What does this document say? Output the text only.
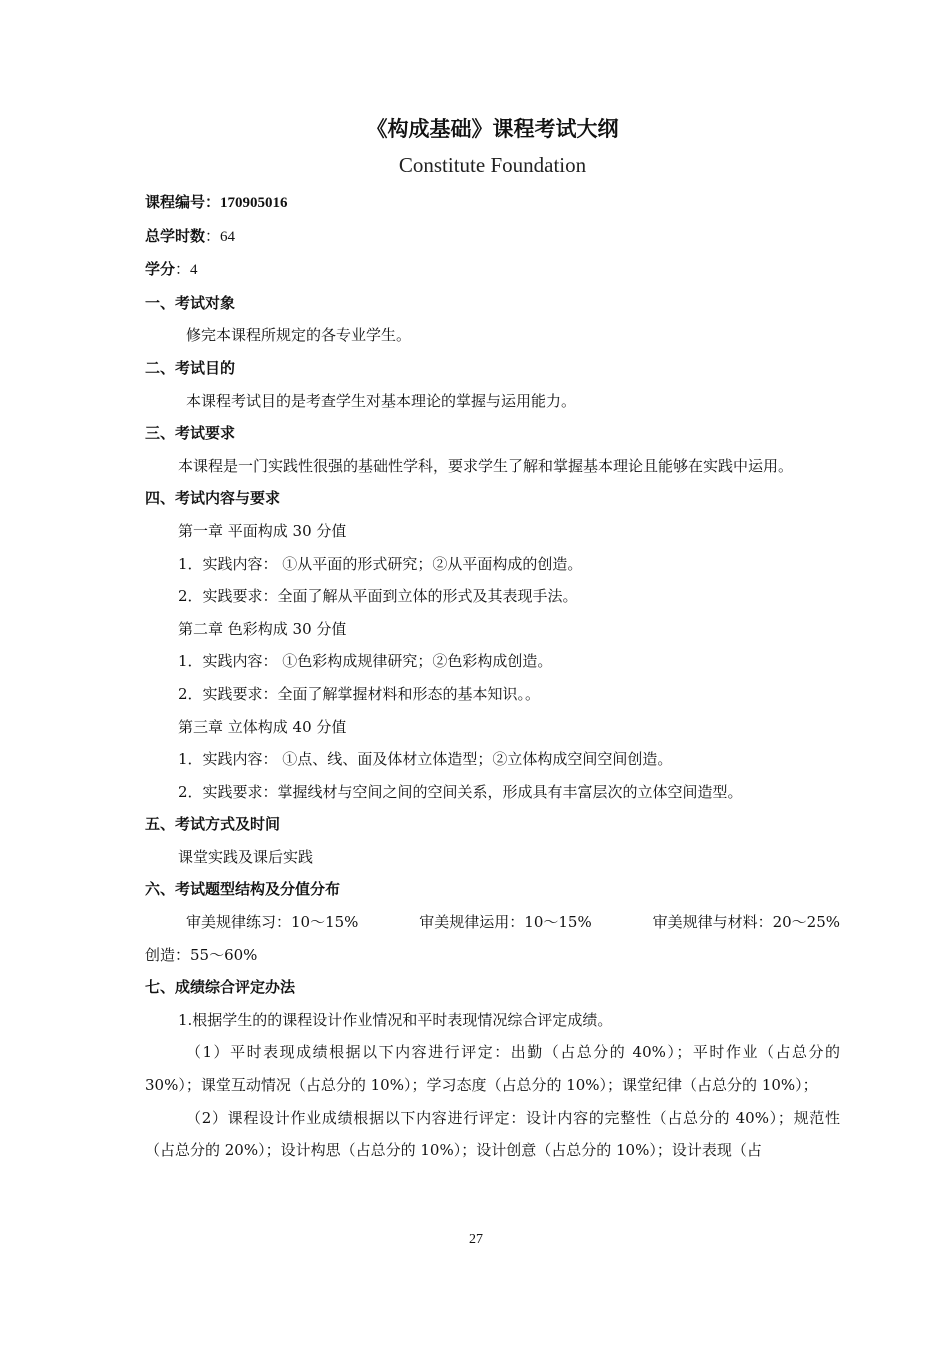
《构成基础》课程考试大纲
Constitute Foundation
课程编号：170905016
总学时数：64
学分：4
一、考试对象
修完本课程所规定的各专业学生。
二、考试目的
本课程考试目的是考查学生对基本理论的掌握与运用能力。
三、考试要求
本课程是一门实践性很强的基础性学科，要求学生了解和掌握基本理论且能够在实践中运用。
四、考试内容与要求
第一章 平面构成 30 分值
1．实践内容： ①从平面的形式研究；②从平面构成的创造。
2．实践要求：全面了解从平面到立体的形式及其表现手法。
第二章 色彩构成 30 分值
1．实践内容： ①色彩构成规律研究；②色彩构成创造。
2．实践要求：全面了解掌握材料和形态的基本知识。。
第三章 立体构成 40 分值
1．实践内容： ①点、线、面及体材立体造型；②立体构成空间空间创造。
2．实践要求：掌握线材与空间之间的空间关系，形成具有丰富层次的立体空间造型。
五、考试方式及时间
课堂实践及课后实践
六、考试题型结构及分值分布
审美规律练习：10～15%	审美规律运用：10～15%	审美规律与材料：20～25%
创造：55～60%
七、成绩综合评定办法
1.根据学生的的课程设计作业情况和平时表现情况综合评定成绩。
（1）平时表现成绩根据以下内容进行评定：出勤（占总分的 40%）；平时作业（占总分的 30%）；课堂互动情况（占总分的 10%）；学习态度（占总分的 10%）；课堂纪律（占总分的 10%）；
（2）课程设计作业成绩根据以下内容进行评定：设计内容的完整性（占总分的 40%）；规范性（占总分的 20%）；设计构思（占总分的 10%）；设计创意（占总分的 10%）；设计表现（占
27
